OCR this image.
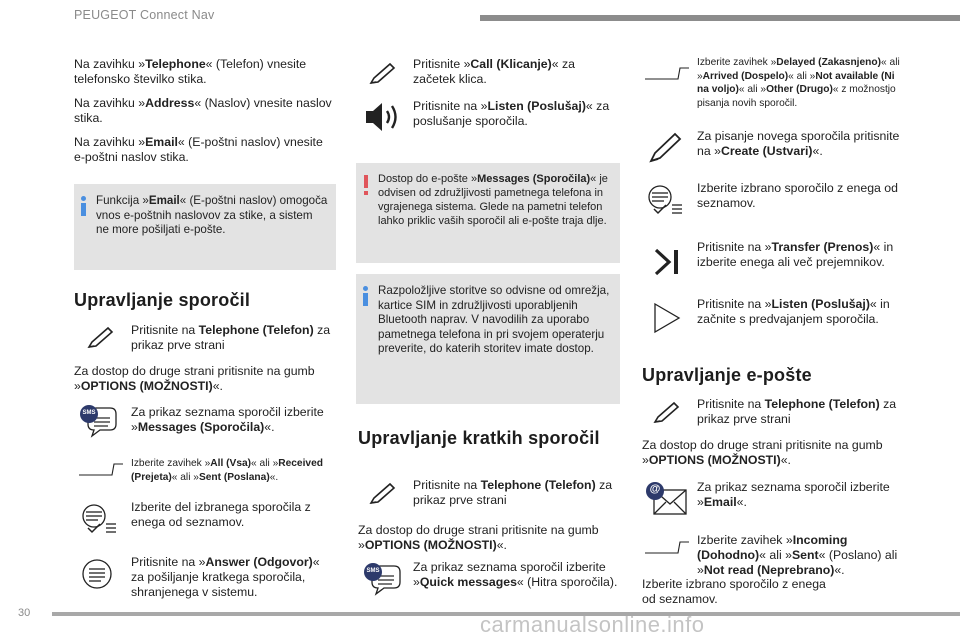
PEUGEOT Connect Nav
Na zavihku »Telephone« (Telefon) vnesite telefonsko številko stika.
Na zavihku »Address« (Naslov) vnesite naslov stika.
Na zavihku »Email« (E-poštni naslov) vnesite e-poštni naslov stika.
Funkcija »Email« (E-poštni naslov) omogoča vnos e-poštnih naslovov za stike, a sistem ne more pošiljati e-pošte.
Upravljanje sporočil
Pritisnite na Telephone (Telefon) za prikaz prve strani
Za dostop do druge strani pritisnite na gumb »OPTIONS (MOŽNOSTI)«.
SMS	Za prikaz seznama sporočil izberite »Messages (Sporočila)«.
Izberite zavihek »All (Vsa)« ali »Received (Prejeta)« ali »Sent (Poslana)«.
Izberite del izbranega sporočila z enega od seznamov.
Pritisnite na »Answer (Odgovor)« za pošiljanje kratkega sporočila, shranjenega v sistemu.
Pritisnite »Call (Klicanje)« za začetek klica.
Pritisnite na »Listen (Poslušaj)« za poslušanje sporočila.
Dostop do e-pošte »Messages (Sporočila)« je odvisen od združljivosti pametnega telefona in vgrajenega sistema. Glede na pametni telefon lahko priklic vaših sporočil ali e-pošte traja dlje.
Razpoložljive storitve so odvisne od omrežja, kartice SIM in združljivosti uporabljenih Bluetooth naprav. V navodilih za uporabo pametnega telefona in pri svojem operaterju preverite, do katerih storitev imate dostop.
Upravljanje kratkih sporočil
Pritisnite na Telephone (Telefon) za prikaz prve strani
Za dostop do druge strani pritisnite na gumb »OPTIONS (MOŽNOSTI)«.
SMS	Za prikaz seznama sporočil izberite »Quick messages« (Hitra sporočila).
Izberite zavihek »Delayed (Zakasnjeno)« ali »Arrived (Dospelo)« ali »Not available (Ni na voljo)« ali »Other (Drugo)« z možnostjo pisanja novih sporočil.
Za pisanje novega sporočila pritisnite na »Create (Ustvari)«.
Izberite izbrano sporočilo z enega od seznamov.
Pritisnite na »Transfer (Prenos)« in izberite enega ali več prejemnikov.
Pritisnite na »Listen (Poslušaj)« in začnite s predvajanjem sporočila.
Upravljanje e-pošte
Pritisnite na Telephone (Telefon) za prikaz prve strani
Za dostop do druge strani pritisnite na gumb »OPTIONS (MOŽNOSTI)«.
@	Za prikaz seznama sporočil izberite »Email«.
Izberite zavihek »Incoming (Dohodno)« ali »Sent« (Poslano) ali »Not read (Neprebrano)«.
Izberite izbrano sporočilo z enega od seznamov.
30	carmanualsonline.info
